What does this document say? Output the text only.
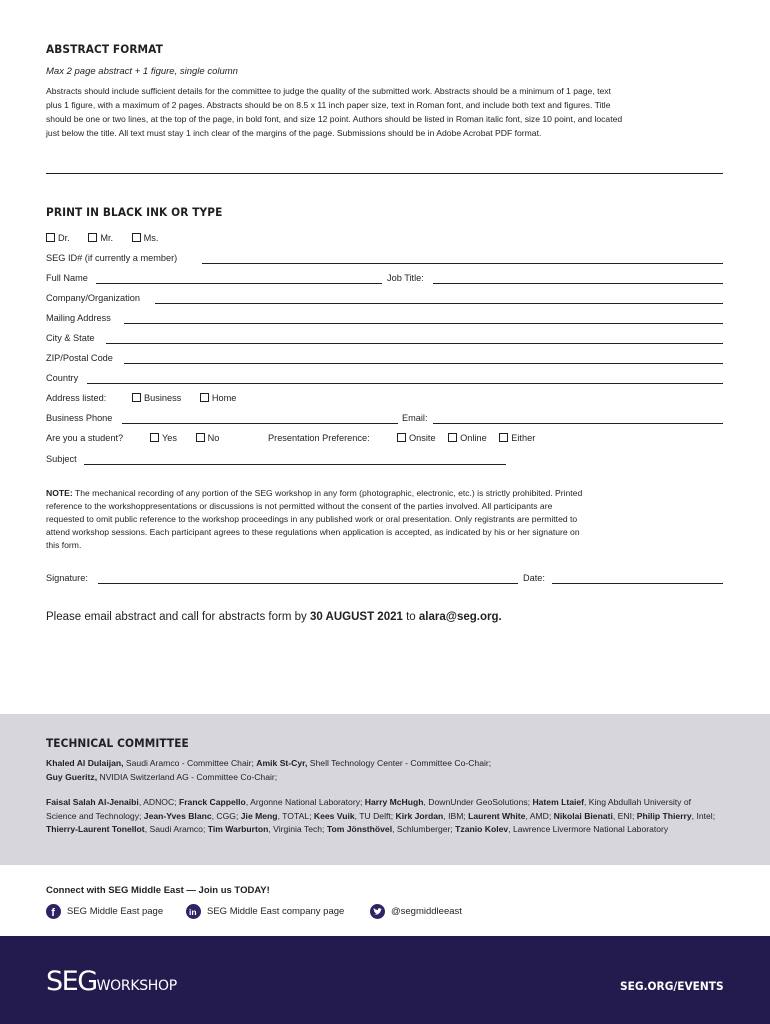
ABSTRACT FORMAT
Max 2 page abstract + 1 figure, single column
Abstracts should include sufficient details for the committee to judge the quality of the submitted work. Abstracts should be a minimum of 1 page, text
plus 1 figure, with a maximum of 2 pages. Abstracts should be on 8.5 x 11 inch paper size, text in Roman font, and include both text and figures. Title
should be one or two lines, at the top of the page, in bold font, and size 12 point. Authors should be listed in Roman italic font, size 10 point, and located
just below the title. All text must stay 1 inch clear of the margins of the page. Submissions should be in Adobe Acrobat PDF format.
PRINT IN BLACK INK OR TYPE
Dr.	Mr.	Ms.
SEG ID# (if currently a member)
Full Name	Job Title:
Company/Organization
Mailing Address
City & State
ZIP/Postal Code
Country
Address listed:	Business	Home
Business Phone	Email:
Are you a student?	Yes	No	Presentation Preference:	Onsite	Online	Either
Subject
NOTE: The mechanical recording of any portion of the SEG workshop in any form (photographic, electronic, etc.) is strictly prohibited. Printed
reference to the workshoppresentations or discussions is not permitted without the consent of the parties involved. All participants are
requested to omit public reference to the workshop proceedings in any published work or oral presentation. Only registrants are permitted to
attend workshop sessions. Each participant agrees to these regulations when application is accepted, as indicated by his or her signature on
this form.
Signature:	Date:
Please email abstract and call for abstracts form by 30 AUGUST 2021 to alara@seg.org.
TECHNICAL COMMITTEE
Khaled Al Dulaijan, Saudi Aramco - Committee Chair; Amik St-Cyr, Shell Technology Center - Committee Co-Chair;
Guy Gueritz, NVIDIA Switzerland AG - Committee Co-Chair;
Faisal Salah Al-Jenaibi, ADNOC; Franck Cappello, Argonne National Laboratory; Harry McHugh, DownUnder GeoSolutions; Hatem Ltaief, King Abdullah University of Science and Technology; Jean-Yves Blanc, CGG; Jie Meng, TOTAL; Kees Vuik, TU Delft; Kirk Jordan, IBM; Laurent White, AMD; Nikolai Bienati, ENI; Philip Thierry, Intel; Thierry-Laurent Tonellot, Saudi Aramco; Tim Warburton, Virginia Tech; Tom Jönsthövel, Schlumberger; Tzanio Kolev, Lawrence Livermore National Laboratory
Connect with SEG Middle East — Join us TODAY!
f SEG Middle East page	in SEG Middle East company page	@segmiddleeast
SEGWORKSHOP	SEG.ORG/EVENTS
